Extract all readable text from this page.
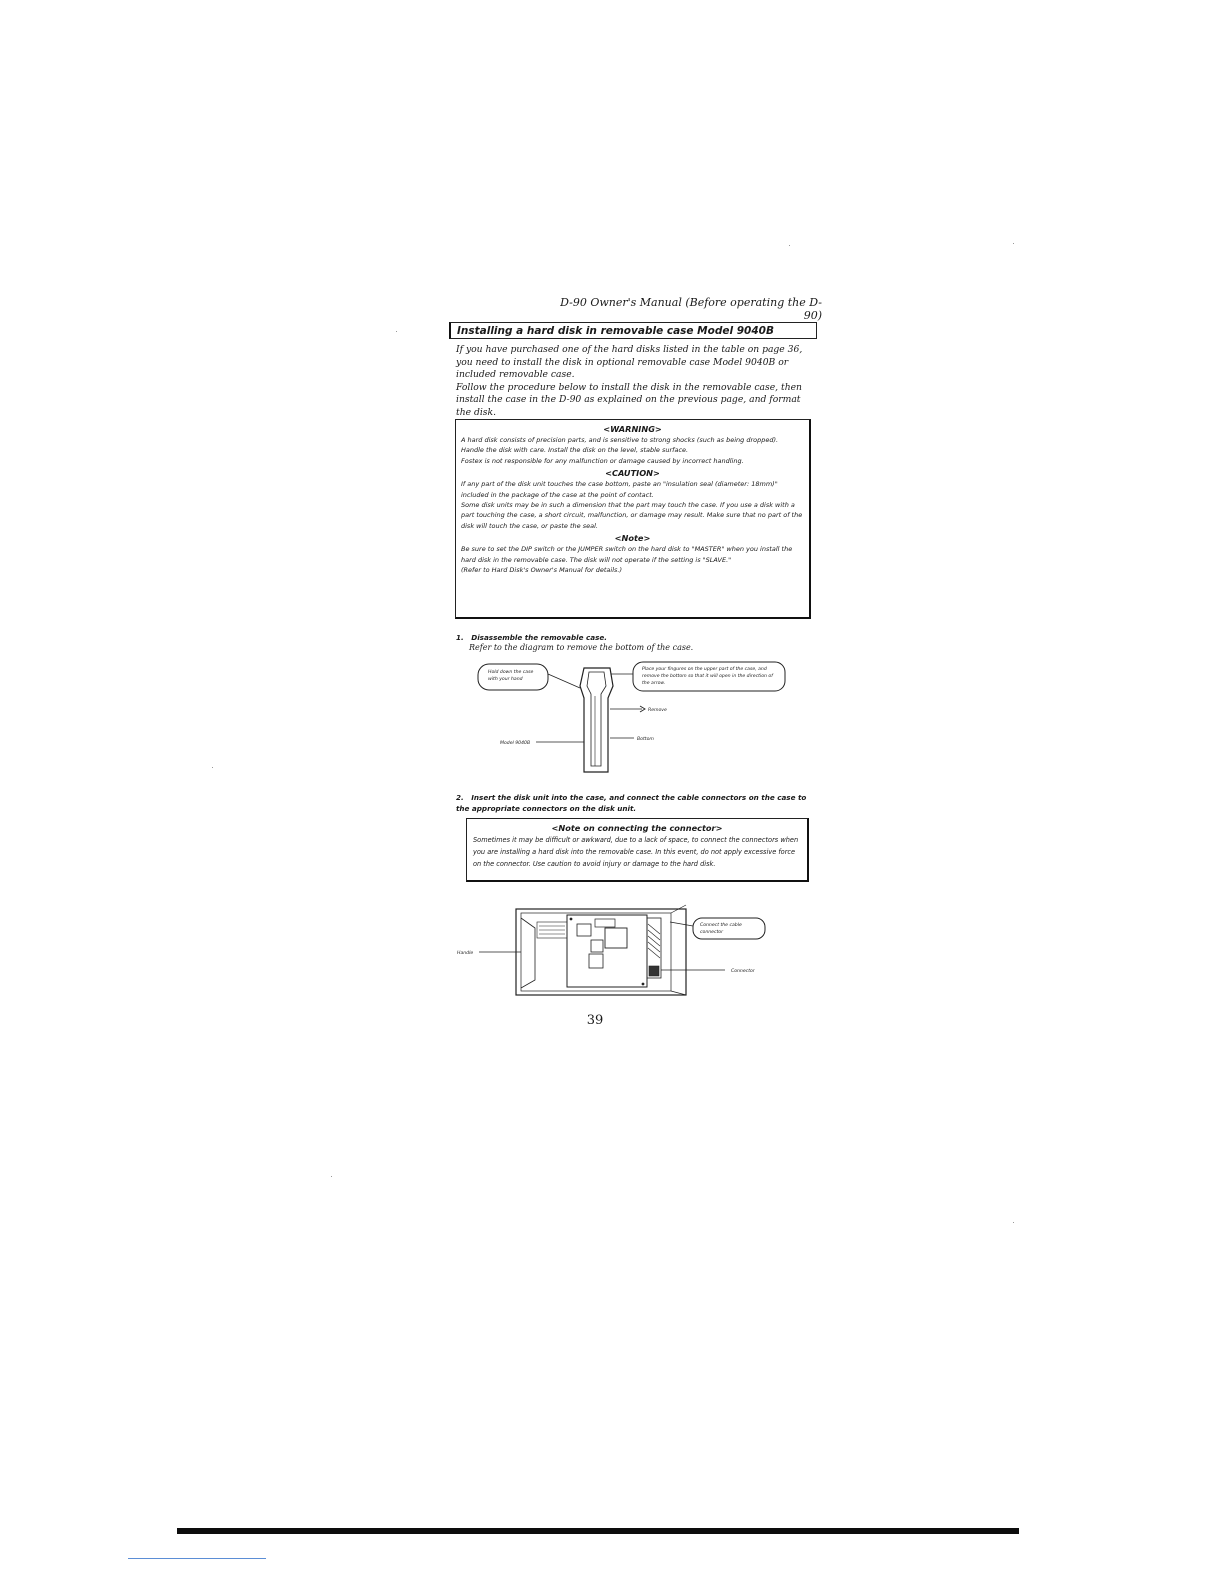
D-90 Owner's Manual (Before operating the D-90)
Installing a hard disk in removable case Model 9040B

If you have purchased one of the hard disks listed in the table on page 36, you need to install the disk in optional removable case Model 9040B or included removable case.

Follow the procedure below to install the disk in the removable case, then install the case in the D-90 as explained on the previous page, and format the disk.

<WARNING>

A hard disk consists of precision parts, and is sensitive to strong shocks (such as being dropped).

Handle the disk with care. Install the disk on the level, stable surface.

Fostex is not responsible for any malfunction or damage caused by incorrect handling.

<CAUTION>

If any part of the disk unit touches the case bottom, paste an "insulation seal (diameter: 18mm)" included in the package of the case at the point of contact.

Some disk units may be in such a dimension that the part may touch the case. If you use a disk with a part touching the case, a short circuit, malfunction, or damage may result. Make sure that no part of the disk will touch the case, or paste the seal.

<Note>

Be sure to set the DIP switch or the JUMPER switch on the hard disk to "MASTER" when you install the hard disk in the removable case. The disk will not operate if the setting is "SLAVE."

(Refer to Hard Disk's Owner's Manual for details.)

1. Disassemble the removable case.
Refer to the diagram to remove the bottom of the case.
Hold down the case
with your hand
Place your fingures on the upper part of the case, and
remove the bottom so that it will open in the direction of
the arrow.
Remove
Bottom
Model 9040B
2. Insert the disk unit into the case, and connect the cable connectors on the case to the appropriate connectors on the disk unit.
<Note on connecting the connector>

Sometimes it may be difficult or awkward, due to a lack of space, to connect the connectors when you are installing a hard disk into the removable case. In this event, do not apply excessive force on the connector. Use caution to avoid injury or damage to the hard disk.

Handle
Connect the cable
connector
Connector
39
